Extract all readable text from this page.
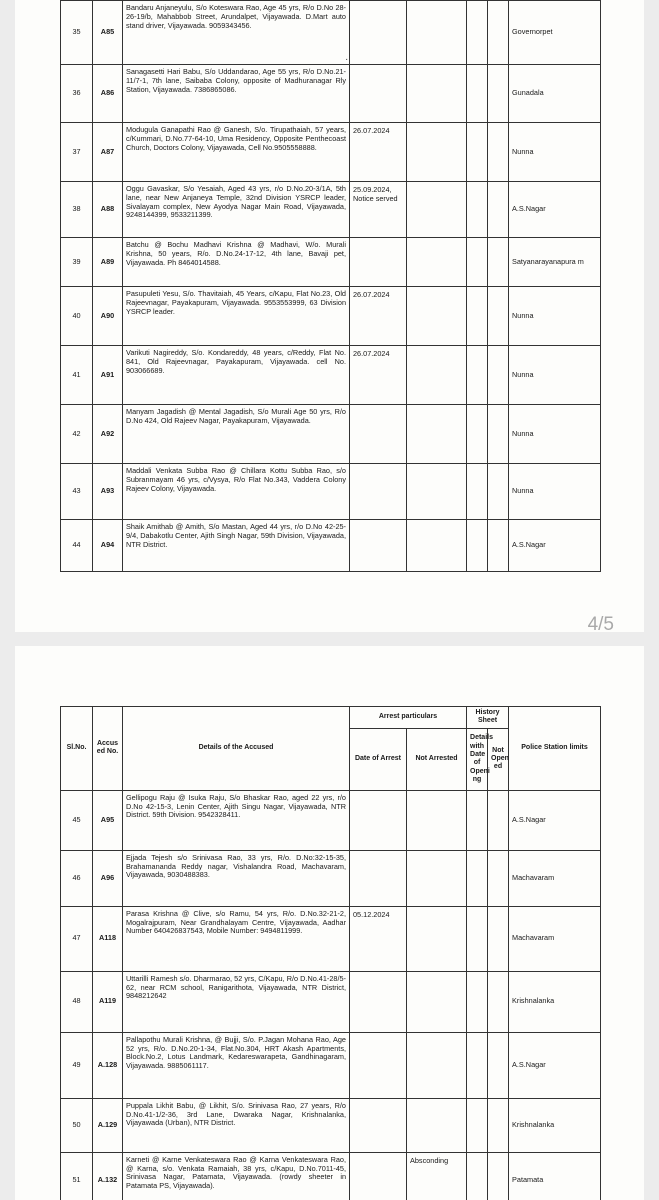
35	A85	Bandaru Anjaneyulu, S/o Koteswara Rao, Age 45 yrs, R/o D.No 28-26-19/b, Mahabbob Street, Arundalpet, Vijayawada. D.Mart auto stand driver, Vijayawada. 9059343456.					Governorpet
36	A86	Sanagasetti Hari Babu, S/o Uddandarao, Age 55 yrs, R/o D.No.21-11/7-1, 7th lane, Saibaba Colony, opposite of Madhuranagar Rly Station, Vijayawada. 7386865086.					Gunadala
37	A87	Modugula Ganapathi Rao @ Ganesh, S/o. Tirupathaiah, 57 years, c/Kummari, D.No.77-64-10, Uma Residency, Opposite Penthecoast Church, Doctors Colony, Vijayawada, Cell No.9505558888.	26.07.2024				Nunna
38	A88	Oggu Gavaskar, S/o Yesaiah, Aged 43 yrs, r/o D.No.20-3/1A, 5th lane, near New Anjaneya Temple, 32nd Division YSRCP leader, Sivalayam complex, New Ayodya Nagar Main Road, Vijayawada, 9248144399, 9533211399.	25.09.2024, Notice served				A.S.Nagar
39	A89	Batchu @ Bochu Madhavi Krishna @ Madhavi, W/o. Murali Krishna, 50 years, R/o. D.No.24-17-12, 4th lane, Bavaji pet, Vijayawada. Ph 8464014588.					Satyanarayanapura m
40	A90	Pasupuleti Yesu, S/o. Thavitaiah, 45 Years, c/Kapu, Flat No.23, Old Rajeevnagar, Payakapuram, Vijayawada. 9553553999, 63 Division YSRCP leader.	26.07.2024				Nunna
41	A91	Varikuti Nagireddy, S/o. Kondareddy, 48 years, c/Reddy, Flat No. 841, Old Rajeevnagar, Payakapuram, Vijayawada. cell No. 903066689.	26.07.2024				Nunna
42	A92	Manyam Jagadish @ Mental Jagadish, S/o Murali Age 50 yrs, R/o D.No 424, Old Rajeev Nagar, Payakapuram, Vijayawada.					Nunna
43	A93	Maddali Venkata Subba Rao @ Chillara Kottu Subba Rao, s/o Subranmayam 46 yrs, c/Vysya, R/o Flat No.343, Vaddera Colony Rajeev Colony, Vijayawada.					Nunna
44	A94	Shaik Amithab @ Amith, S/o Mastan, Aged 44 yrs, r/o D.No 42-25-9/4, Dabakotlu Center, Ajith Singh Nagar, 59th Division, Vijayawada, NTR District.					A.S.Nagar
·
4/5
Sl.No.	Accus ed No.	Details of the Accused	Arrest particulars		History Sheet		Police Station limits
			Date of Arrest	Not Arrested	Details with Date of Openi ng	Not Open ed	
45	A95	Gellipogu Raju @ Isuka Raju, S/o Bhaskar Rao, aged 22 yrs, r/o D.No 42-15-3, Lenin Center, Ajith Singu Nagar, Vijayawada, NTR District. 59th Division. 9542328411.					A.S.Nagar
46	A96	Ejjada Tejesh s/o Srinivasa Rao, 33 yrs, R/o. D.No:32-15-35, Brahamananda Reddy nagar, Vishalandra Road, Machavaram, Vijayawada, 9030488383.					Machavaram
47	A118	Parasa Krishna @ Clive, s/o Ramu, 54 yrs, R/o. D.No.32-21-2, Mogalrajpuram, Near Grandhalayam Centre, Vijayawada, Aadhar Number 640426837543, Mobile Number: 9494811999.	05.12.2024				Machavaram
48	A119	Uttarilli Ramesh s/o. Dharmarao, 52 yrs, C/Kapu, R/o D.No.41-28/5-62, near RCM school, Ranigarithota, Vijayawada, NTR District, 9848212642					Krishnalanka
49	A.128	Pallapothu Murali Krishna, @ Bujji, S/o. P.Jagan Mohana Rao, Age 52 yrs, R/o. D.No.20-1-34, Flat.No.304, HRT Akash Apartments, Block.No.2, Lotus Landmark, Kedareswarapeta, Gandhinagaram, Vijayawada. 9885061117.					A.S.Nagar
50	A.129	Puppala Likhit Babu, @ Likhit, S/o. Srinivasa Rao, 27 years, R/o D.No.41-1/2-36, 3rd Lane, Dwaraka Nagar, Krishnalanka, Vijayawada (Urban), NTR District.					Krishnalanka
51	A.132	Karneti @ Karne Venkateswara Rao @ Karna Venkateswara Rao, @ Karna, s/o. Venkata Ramaiah, 38 yrs, c/Kapu, D.No.7011-45, Srinivasa Nagar, Patamata, Vijayawada. (rowdy sheeter in Patamata PS, Vijayawada).		Absconding			Patamata
